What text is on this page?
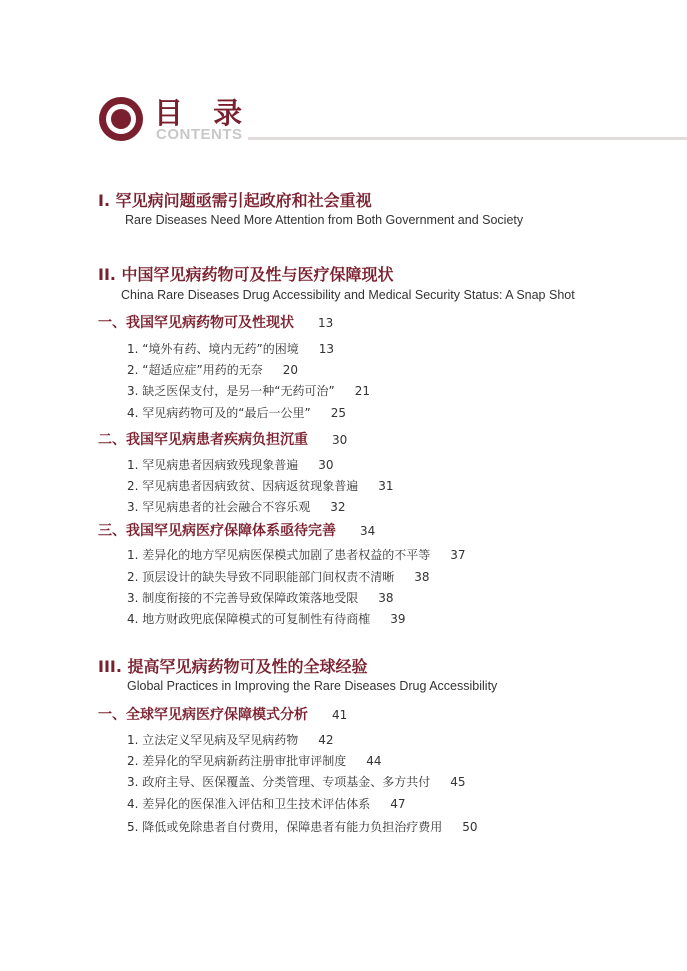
目 录
CONTENTS
I. 罕见病问题亟需引起政府和社会重视
Rare Diseases Need More Attention from Both Government and Society
II. 中国罕见病药物可及性与医疗保障现状
China Rare Diseases Drug Accessibility and Medical Security Status: A Snap Shot
一、我国罕见病药物可及性现状 13
1. “境外有药、境内无药”的困境 13
2. “超适应症”用药的无奈 20
3. 缺乏医保支付，是另一种“无药可治” 21
4. 罕见病药物可及的“最后一公里” 25
二、我国罕见病患者疾病负担沉重 30
1. 罕见病患者因病致残现象普遍 30
2. 罕见病患者因病致贫、因病返贫现象普遍 31
3. 罕见病患者的社会融合不容乐观 32
三、我国罕见病医疗保障体系亟待完善 34
1. 差异化的地方罕见病医保模式加剧了患者权益的不平等 37
2. 顶层设计的缺失导致不同职能部门间权责不清晰 38
3. 制度衔接的不完善导致保障政策落地受限 38
4. 地方财政兜底保障模式的可复制性有待商榷 39
III. 提高罕见病药物可及性的全球经验
Global Practices in Improving the Rare Diseases Drug Accessibility
一、全球罕见病医疗保障模式分析 41
1. 立法定义罕见病及罕见病药物 42
2. 差异化的罕见病新药注册审批审评制度 44
3. 政府主导、医保覆盖、分类管理、专项基金、多方共付 45
4. 差异化的医保准入评估和卫生技术评估体系 47
5. 降低或免除患者自付费用，保障患者有能力负担治疗费用 50
